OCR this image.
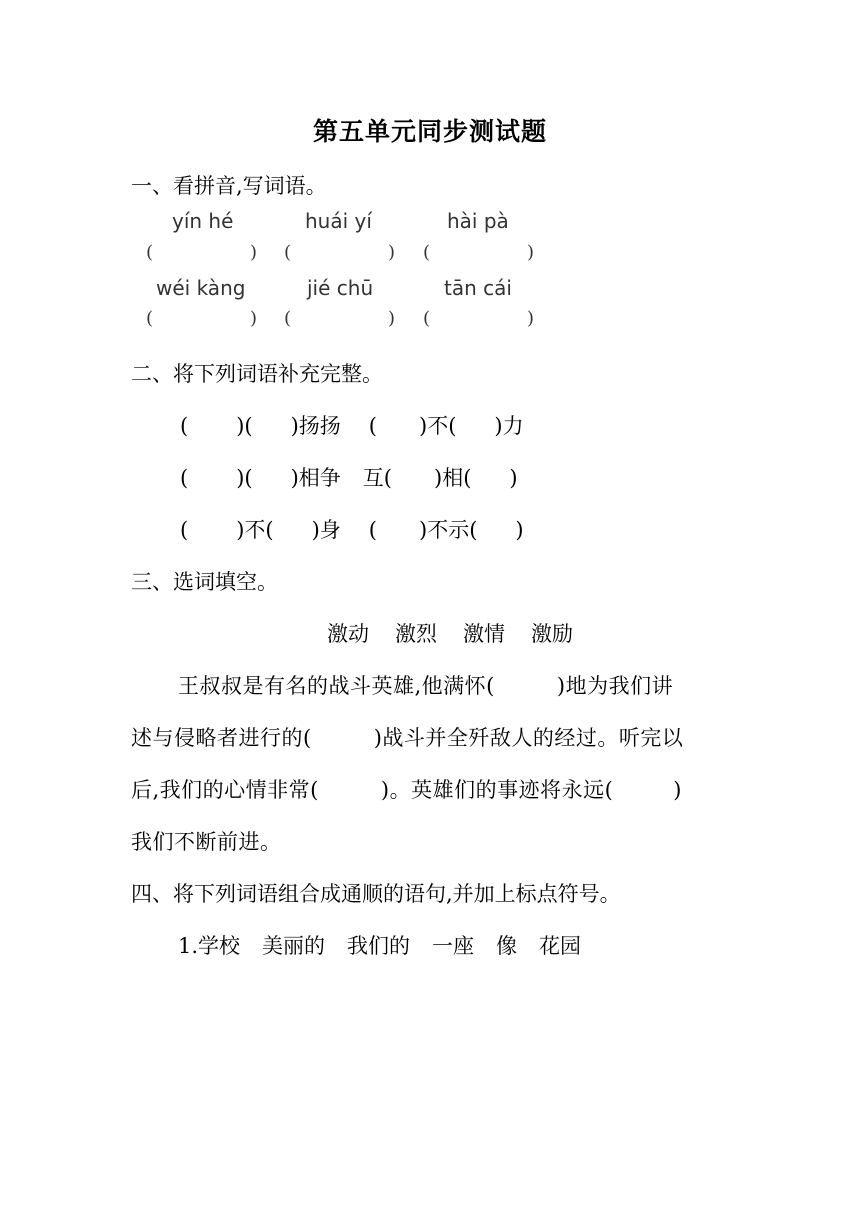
第五单元同步测试题
一、看拼音,写词语。
yín hé	huái yí	hài pà
(	) (	) (	)
wéi kàng	jié chū	tān cái
(	) (	) (	)
二、将下列词语补充完整。
( )( )扬扬 ( )不( )力
( )( )相争 互( )相( )
( )不( )身 ( )不示( )
三、选词填空。
激动 激烈 激情 激励
王叔叔是有名的战斗英雄,他满怀(	)地为我们讲
述与侵略者进行的(	)战斗并全歼敌人的经过。听完以
后,我们的心情非常(	)。英雄们的事迹将永远(	)
我们不断前进。
四、将下列词语组合成通顺的语句,并加上标点符号。
1.学校 美丽的 我们的 一座 像 花园
